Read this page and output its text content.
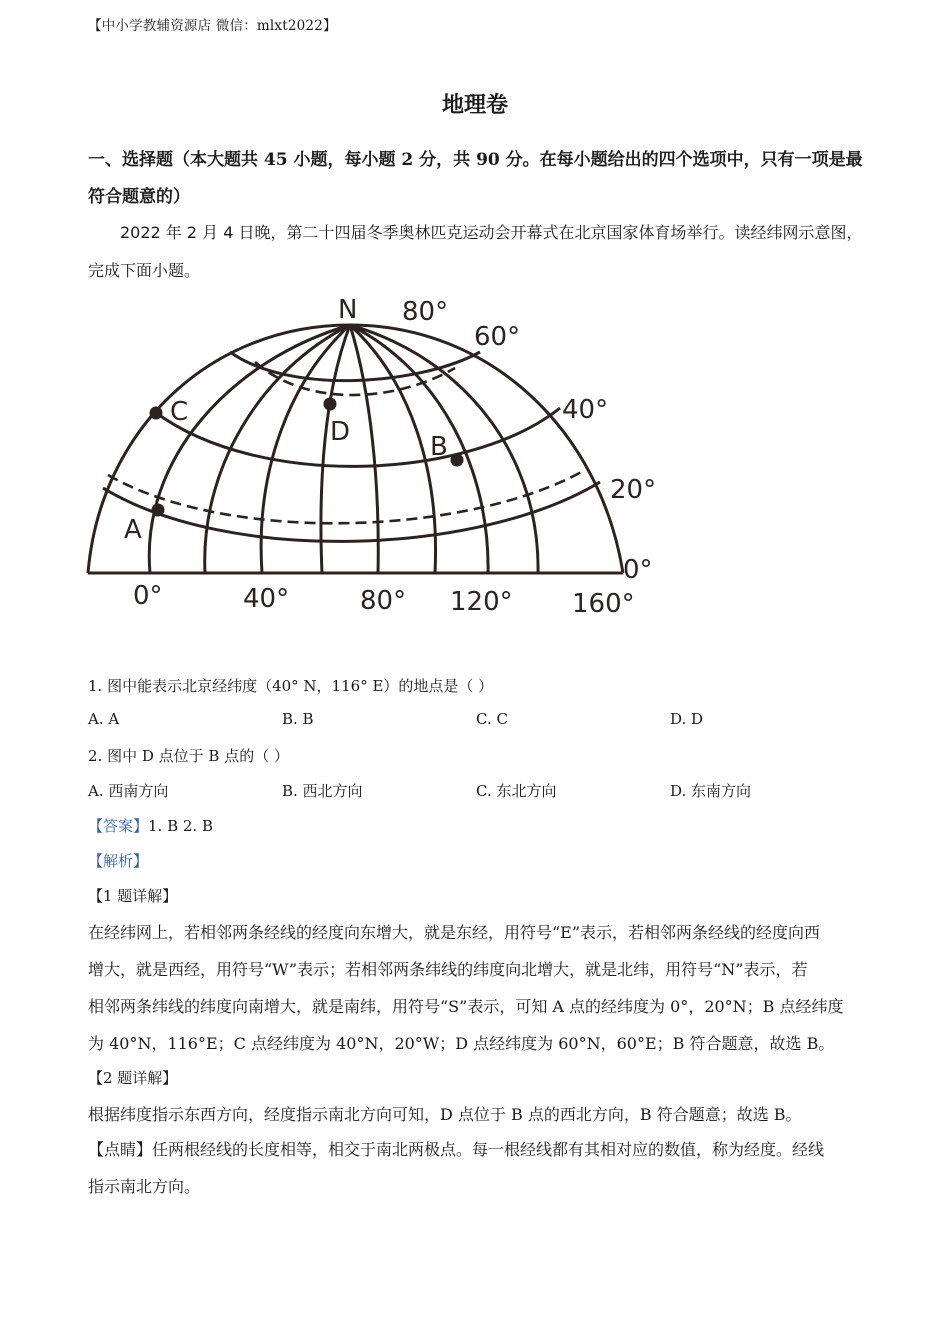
【中小学教辅资源店 微信：mlxt2022】
地理卷
一、选择题（本大题共 45 小题，每小题 2 分，共 90 分。在每小题给出的四个选项中，只有一项是最符合题意的）
2022 年 2 月 4 日晚，第二十四届冬季奥林匹克运动会开幕式在北京国家体育场举行。读经纬网示意图，完成下面小题。
N 80°
60°
40°
20°
0°
0°	40°	80° 120° 160°
A
B
C
D
1. 图中能表示北京经纬度（40° N，116° E）的地点是（ ）
A. A	B. B	C. C	D. D
2. 图中 D 点位于 B 点的（ ）
A. 西南方向	B. 西北方向	C. 东北方向	D. 东南方向
【答案】1. B 2. B
【解析】
【1 题详解】
在经纬网上，若相邻两条经线的经度向东增大，就是东经，用符号“E”表示，若相邻两条经线的经度向西
增大，就是西经，用符号“W”表示；若相邻两条纬线的纬度向北增大，就是北纬，用符号“N”表示，若
相邻两条纬线的纬度向南增大，就是南纬，用符号“S”表示，可知 A 点的经纬度为 0°，20°N；B 点经纬度
为 40°N，116°E；C 点经纬度为 40°N，20°W；D 点经纬度为 60°N，60°E；B 符合题意，故选 B。
【2 题详解】
根据纬度指示东西方向，经度指示南北方向可知，D 点位于 B 点的西北方向，B 符合题意；故选 B。
【点睛】任两根经线的长度相等，相交于南北两极点。每一根经线都有其相对应的数值，称为经度。经线
指示南北方向。
